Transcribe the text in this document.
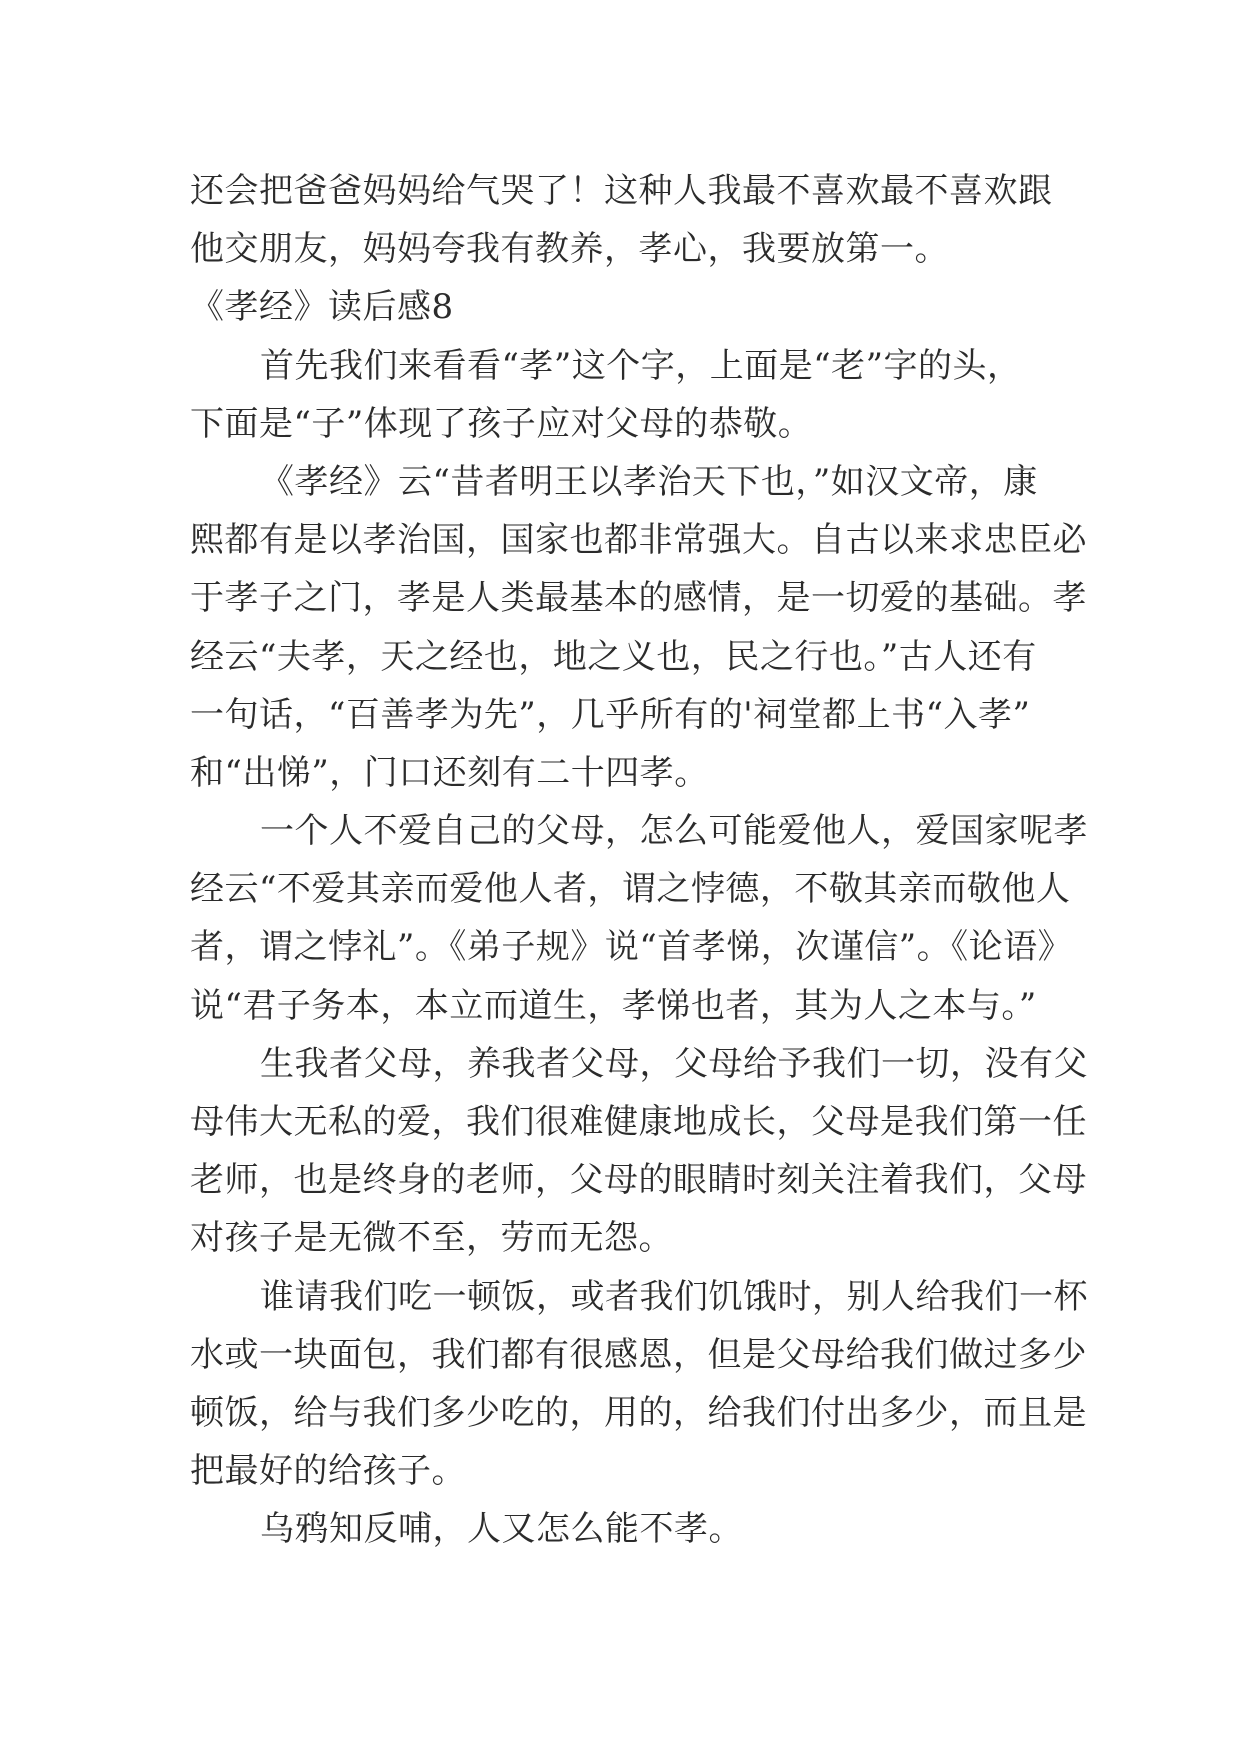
还会把爸爸妈妈给气哭了！这种人我最不喜欢最不喜欢跟
他交朋友，妈妈夸我有教养，孝心，我要放第一。
《孝经》读后感8
首先我们来看看“孝”这个字，上面是“老”字的头，
下面是“子”体现了孩子应对父母的恭敬。
《孝经》云“昔者明王以孝治天下也，”如汉文帝，康
熙都有是以孝治国，国家也都非常强大。自古以来求忠臣必
于孝子之门，孝是人类最基本的感情，是一切爱的基础。孝
经云“夫孝，天之经也，地之义也，民之行也。”古人还有
一句话，“百善孝为先”，几乎所有的'祠堂都上书“入孝”
和“出悌”，门口还刻有二十四孝。
一个人不爱自己的父母，怎么可能爱他人，爱国家呢孝
经云“不爱其亲而爱他人者，谓之悖德，不敬其亲而敬他人
者，谓之悖礼”。《弟子规》说“首孝悌，次谨信”。《论语》
说“君子务本，本立而道生，孝悌也者，其为人之本与。”
生我者父母，养我者父母，父母给予我们一切，没有父
母伟大无私的爱，我们很难健康地成长，父母是我们第一任
老师，也是终身的老师，父母的眼睛时刻关注着我们，父母
对孩子是无微不至，劳而无怨。
谁请我们吃一顿饭，或者我们饥饿时，别人给我们一杯
水或一块面包，我们都有很感恩，但是父母给我们做过多少
顿饭，给与我们多少吃的，用的，给我们付出多少，而且是
把最好的给孩子。
乌鸦知反哺，人又怎么能不孝。
